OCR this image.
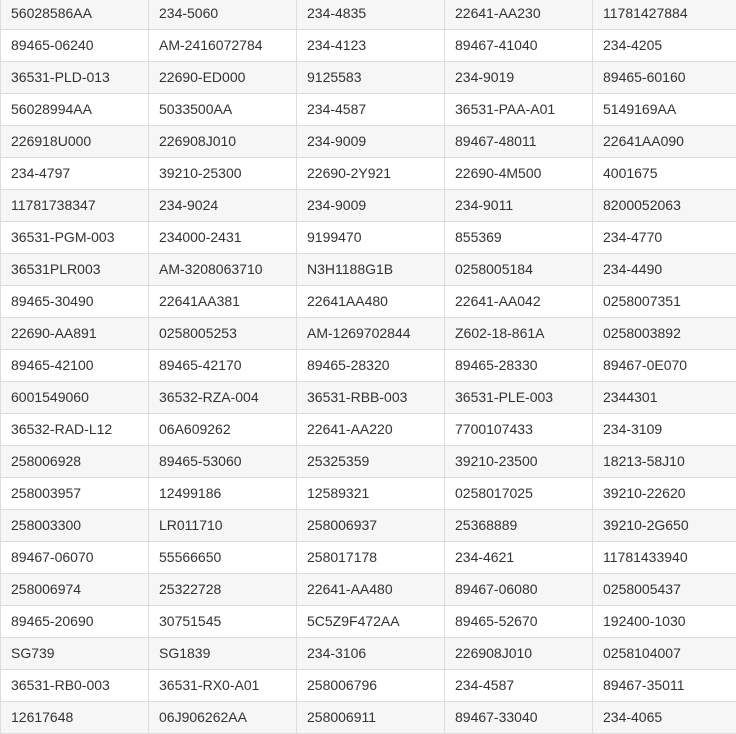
56028586AA	234-5060	234-4835	22641-AA230	11781427884
89465-06240	AM-2416072784	234-4123	89467-41040	234-4205
36531-PLD-013	22690-ED000	9125583	234-9019	89465-60160
56028994AA	5033500AA	234-4587	36531-PAA-A01	5149169AA
226918U000	226908J010	234-9009	89467-48011	22641AA090
234-4797	39210-25300	22690-2Y921	22690-4M500	4001675
11781738347	234-9024	234-9009	234-9011	8200052063
36531-PGM-003	234000-2431	9199470	855369	234-4770
36531PLR003	AM-3208063710	N3H1188G1B	0258005184	234-4490
89465-30490	22641AA381	22641AA480	22641-AA042	0258007351
22690-AA891	0258005253	AM-1269702844	Z602-18-861A	0258003892
89465-42100	89465-42170	89465-28320	89465-28330	89467-0E070
6001549060	36532-RZA-004	36531-RBB-003	36531-PLE-003	2344301
36532-RAD-L12	06A609262	22641-AA220	7700107433	234-3109
258006928	89465-53060	25325359	39210-23500	18213-58J10
258003957	12499186	12589321	0258017025	39210-22620
258003300	LR011710	258006937	25368889	39210-2G650
89467-06070	55566650	258017178	234-4621	11781433940
258006974	25322728	22641-AA480	89467-06080	0258005437
89465-20690	30751545	5C5Z9F472AA	89465-52670	192400-1030
SG739	SG1839	234-3106	226908J010	0258104007
36531-RB0-003	36531-RX0-A01	258006796	234-4587	89467-35011
12617648	06J906262AA	258006911	89467-33040	234-4065
